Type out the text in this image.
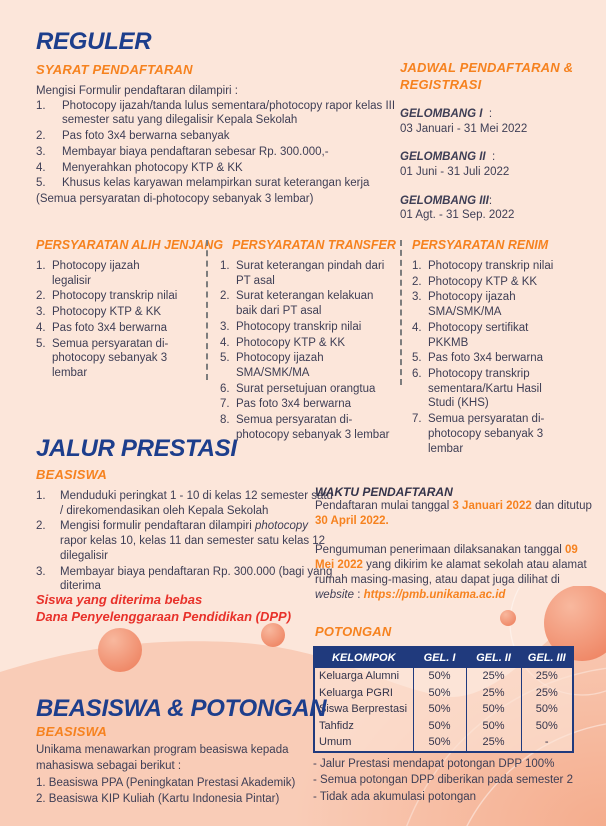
REGULER
SYARAT PENDAFTARAN
Mengisi Formulir pendaftaran dilampiri :
Photocopy ijazah/tanda lulus sementara/photocopy rapor kelas III semester satu yang dilegalisir Kepala Sekolah
Pas foto 3x4 berwarna sebanyak
Membayar biaya pendaftaran sebesar Rp. 300.000,-
Menyerahkan photocopy KTP & KK
Khusus kelas karyawan melampirkan surat keterangan kerja
(Semua persyaratan di-photocopy sebanyak 3 lembar)
JADWAL PENDAFTARAN & REGISTRASI
GELOMBANG I :
03 Januari - 31 Mei 2022
GELOMBANG II :
01 Juni - 31 Juli 2022
GELOMBANG III:
01 Agt. - 31 Sep. 2022
PERSYARATAN ALIH JENJANG
Photocopy ijazah legalisir
Photocopy transkrip nilai
Photocopy KTP & KK
Pas foto 3x4 berwarna
Semua persyaratan di-photocopy sebanyak 3 lembar
PERSYARATAN TRANSFER
Surat keterangan pindah dari PT asal
Surat keterangan kelakuan baik dari PT asal
Photocopy transkrip nilai
Photocopy KTP & KK
Photocopy ijazah SMA/SMK/MA
Surat persetujuan orangtua
Pas foto 3x4 berwarna
Semua persyaratan di-photocopy sebanyak 3 lembar
PERSYARATAN RENIM
Photocopy transkrip nilai
Photocopy KTP & KK
Photocopy ijazah SMA/SMK/MA
Photocopy sertifikat PKKMB
Pas foto 3x4 berwarna
Photocopy transkrip sementara/Kartu Hasil Studi (KHS)
Semua persyaratan di-photocopy sebanyak 3 lembar
JALUR PRESTASI
BEASISWA
Menduduki peringkat 1 - 10 di kelas 12 semester satu / direkomendasikan oleh Kepala Sekolah
Mengisi formulir pendaftaran dilampiri photocopy rapor kelas 10, kelas 11 dan semester satu kelas 12 dilegalisir
Membayar biaya pendaftaran Rp. 300.000 (bagi yang diterima
Siswa yang diterima bebas
Dana Penyelenggaraan Pendidikan (DPP)
WAKTU PENDAFTARAN
Pendaftaran mulai tanggal 3 Januari 2022 dan ditutup 30 April 2022.
Pengumuman penerimaan dilaksanakan tanggal 09 Mei 2022 yang dikirim ke alamat sekolah atau alamat rumah masing-masing, atau dapat juga dilihat di website : https://pmb.unikama.ac.id
POTONGAN
KELOMPOK	GEL. I	GEL. II	GEL. III
Keluarga Alumni	50%	25%	25%
Keluarga PGRI	50%	25%	25%
Siswa Berprestasi	50%	50%	50%
Tahfidz	50%	50%	50%
Umum	50%	25%	-
- Jalur Prestasi mendapat potongan DPP 100%
- Semua potongan DPP diberikan pada semester 2
- Tidak ada akumulasi potongan
BEASISWA & POTONGAN
BEASISWA
Unikama menawarkan program beasiswa kepada mahasiswa sebagai berikut :
1. Beasiswa PPA (Peningkatan Prestasi Akademik)
2. Beasiswa KIP Kuliah (Kartu Indonesia Pintar)
